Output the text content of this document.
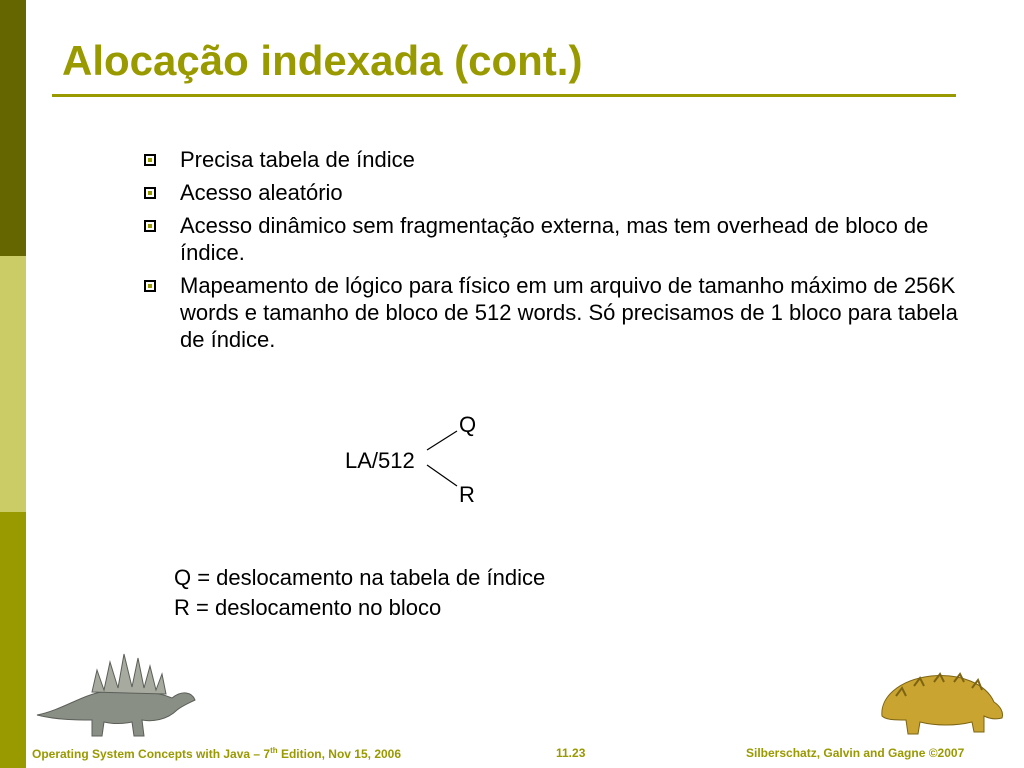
Alocação indexada (cont.)
Precisa tabela de índice
Acesso aleatório
Acesso dinâmico sem fragmentação externa, mas tem overhead de bloco de índice.
Mapeamento de lógico para físico em um arquivo de tamanho máximo de 256K words e tamanho de bloco de 512 words. Só precisamos de 1 bloco para tabela de índice.
Q
LA/512
R
Q = deslocamento na tabela de índice
R = deslocamento no bloco
Operating System Concepts with Java – 7th Edition, Nov 15, 2006	11.23	Silberschatz, Galvin and Gagne ©2007
